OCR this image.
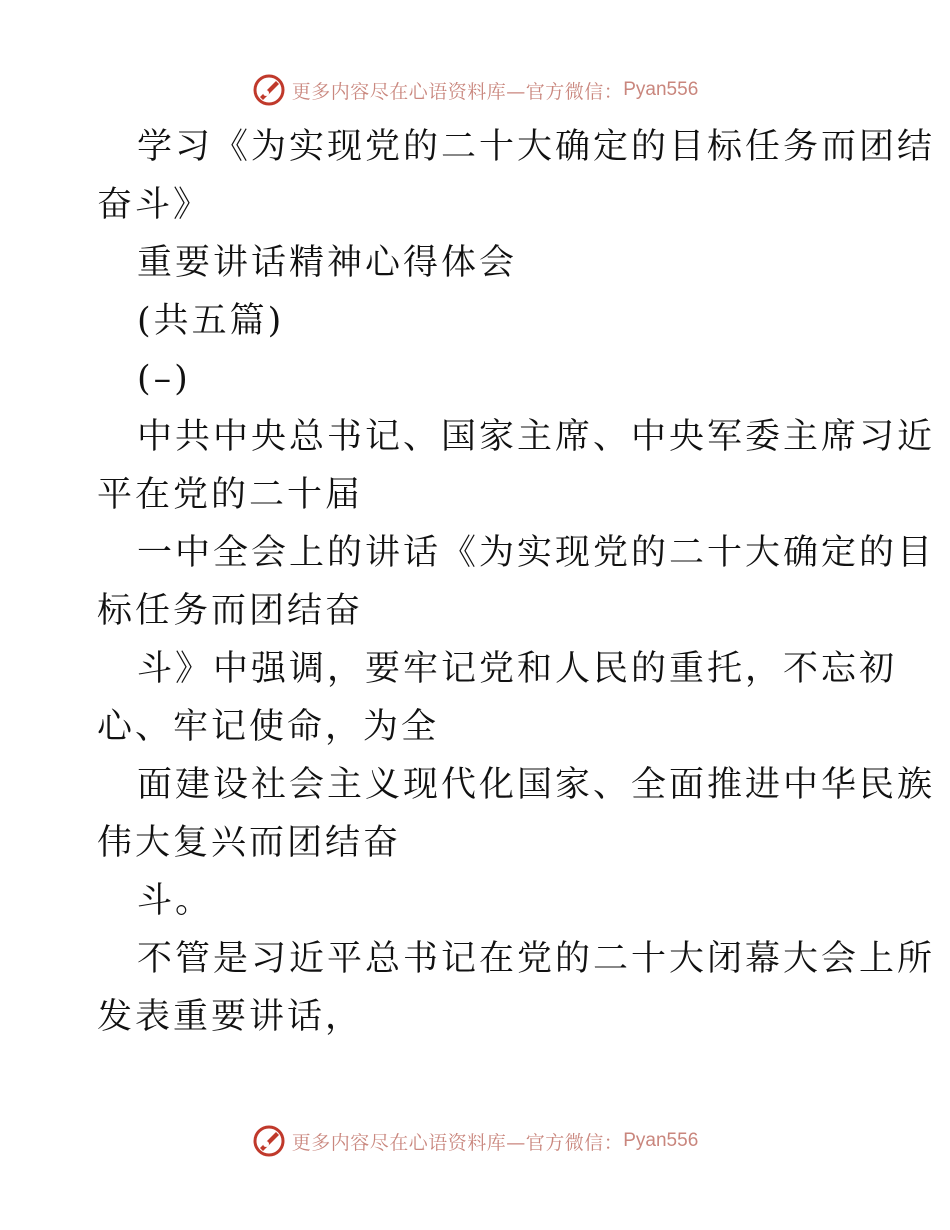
更多内容尽在心语资料库—官方微信： Pyan556
学习《为实现党的二十大确定的目标任务而团结
奋斗》
重要讲话精神心得体会
(共五篇)
(–)
中共中央总书记、国家主席、中央军委主席习近
平在党的二十届
一中全会上的讲话《为实现党的二十大确定的目
标任务而团结奋
斗》中强调，要牢记党和人民的重托，不忘初
心、牢记使命，为全
面建设社会主义现代化国家、全面推进中华民族
伟大复兴而团结奋
斗。
不管是习近平总书记在党的二十大闭幕大会上所
发表重要讲话，
更多内容尽在心语资料库—官方微信： Pyan556
